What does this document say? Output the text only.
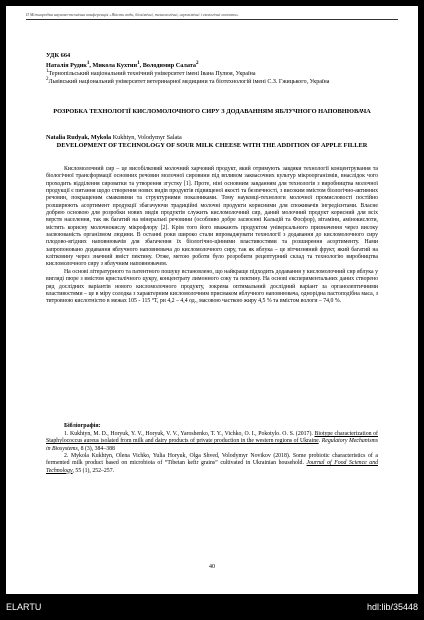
ІІ Міжнародна науково-технічна конференція «Якість води, біохімічні, технологічні, агрохімічні і екологічні аспекти»
УДК 664
Наталія Рудик$^1$, Микола Кухтин$^1$, Володимир Салата$^2$
$^1$Тернопільський національний технічний університет імені Івана Пулюя, Україна
$^2$Львівський національний університет ветеринарної медицини та біотехнологій імені С.З. Гжицького, Україна
РОЗРОБКА ТЕХНОЛОГІЇ КИСЛОМОЛОЧНОГО СИРУ З ДОДАВАННЯМ ЯБЛУЧНОГО НАПОВНЮВАЧА
Natalia Rudyak, Mykola Kukhtyn, Volodymyr Salata
DEVELOPMENT OF TECHNOLOGY OF SOUR MILK CHEESE WITH THE ADDITION OF APPLE FILLER

Кисломолочний сир – це висобілковий молочний харчовий продукт, який отримують завдяки технології концентрування та біологічної трансформації основних речовин молочної сировини під впливом заквасочних культур мікроорганізмів, внаслідок чого проходить відділення сироватки та утворення згустку [1]. Проте, ніні основним завданням для технологів з виробництва молочної продукції є питання щодо створення нових видів продуктів підвищеної якості та безпечності, з високим вмістом біологічно-активних речовин, покращеним смаковими та структурними показниками. Тому науковці-технологи молочної промисловості постійно розширюють асортимент продукції збагачуючи традиційні молочні продукти корисними для споживачів інгредієнтами. Власне добрею основою для розробки нових видів продуктів служить кисломолочний сир, даний молочний продукт корисний для всіх верств населення, так як багатий на мінеральні речовини (особливо добре засвоєнні Кальцій та Фосфор), вітаміни, амінокислоти, містить корисну молочнокислу мікрофлору [2]. Крім того його вважають продуктом універсального призначення через високу засвоюваність організмом людини. В останні роки широко стали впроваджувати технології з додавання до кисломолочного сиру плодово-ягідних наповнювачів для збагачення їх біологічно-цінними властивостями та розширення асортименту. Нами запропоновано додавання яблучного наповнювача до кисломолочного сиру, так як яблука – це вітчизняний фрукт, який багатий на клітковину через значний вміст пектину. Отже, метою роботи було розробити рецептурний склад та технологію виробництва кисломолочного сиру з яблучним наповнювачем.

На основі літературного та патентного пошуку встановлено, що найкраще підходить додавання у кисломолочний сир яблука у вигляді пюре з вмістом кристалічного цукру, концентрату лимонного соку та пектину. На основі експериментальних даних створено ряд дослідних варіантів нового кисломолочного продукту, зокрема оптимальний дослідний варіант за органолептичними властивостями – це в міру солодка з характерним кисломолочним присмаком яблучного наповнювача, однорідна пастоподібна маса, з титровною кислотністю в межах 105 - 115 °Т, рн 4,2 – 4,4 од., масовою часткою жиру 4,5 % та вмістом вологи – 74,0 %.

Бібліографія:

1. Kukhtyn, M. D., Horyuk, Y. V., Horyuk, V. V., Yaroshenko, T. Y., Vichko, O. I., Pokotylo. O. S. (2017). Biotype characterization of Staphylococcus aureus isolated from milk and dairy products of private production in the western regions of Ukraine. Regulatory Mechanisms in Biosystems, 8 (3), 384–388

2. Mykola Kukhtyn, Olena Vichko, Yulia Horyuk, Olga Shved, Volodymyr Novikov (2018). Some probiotic characteristics of a fermented milk product based on microbiota of “Tibetan kefir grains” cultivated in Ukrainian household. Journal of Food Science and Technology, 55 (1), 252–257.

40
ELARTU	hdl:lib/35448
